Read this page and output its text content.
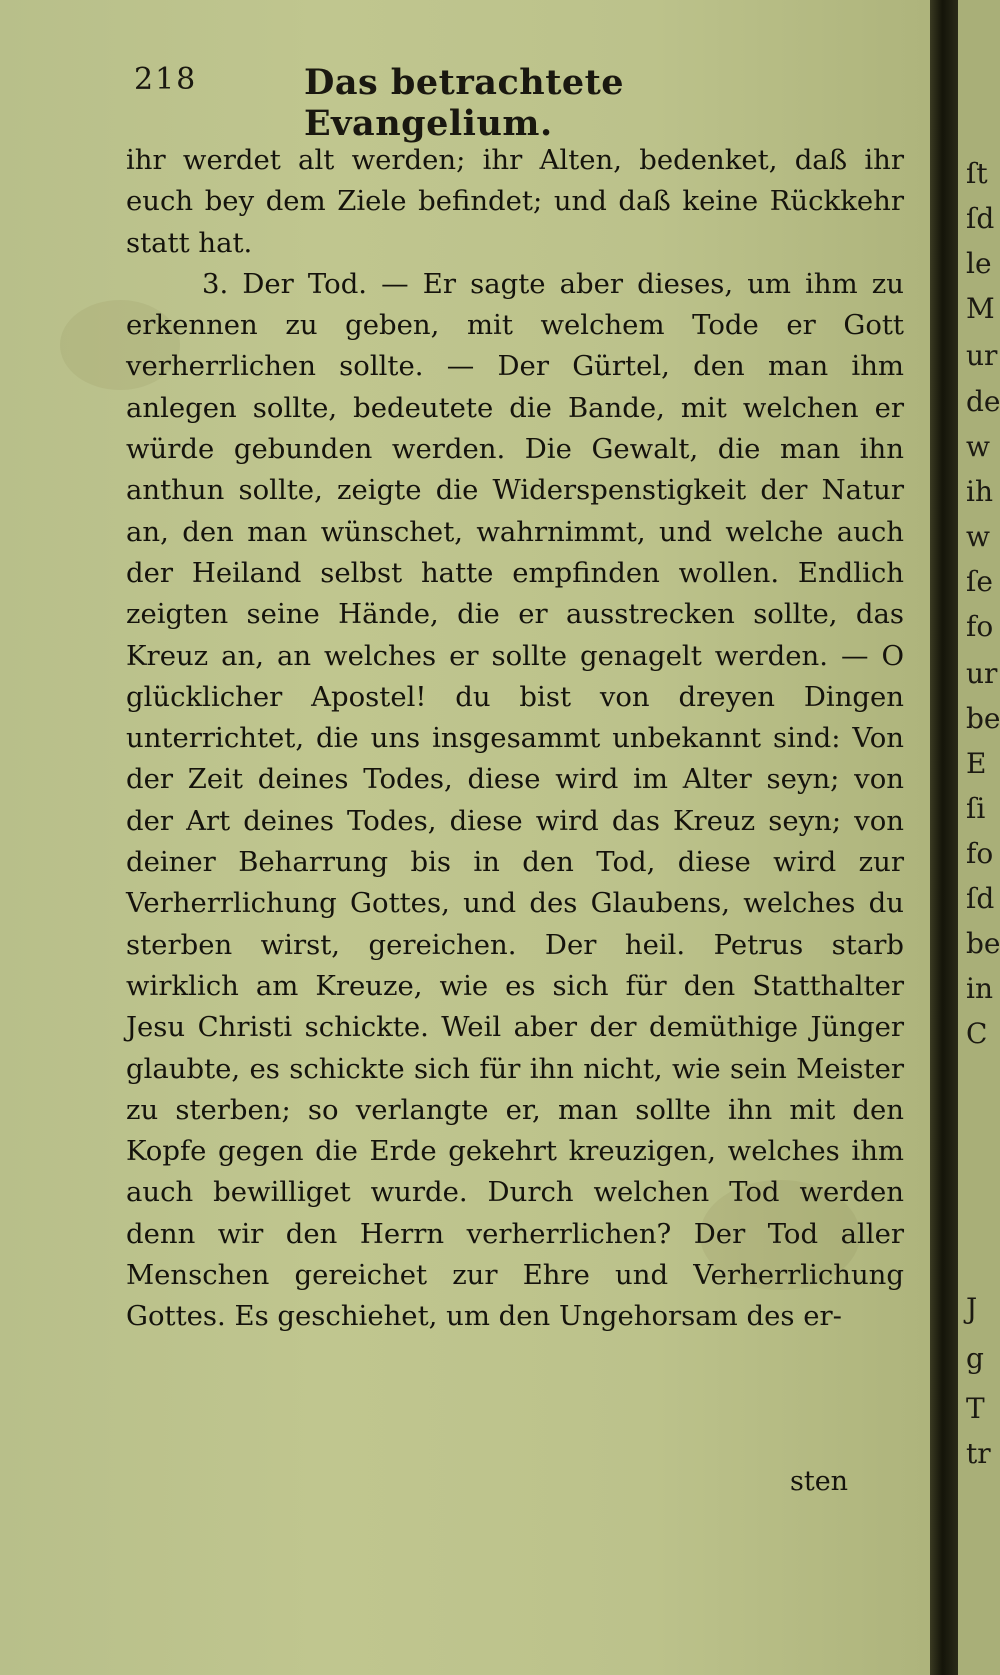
218	Das betrachtete Evangelium.

ihr werdet alt werden; ihr Alten, bedenket, daß ihr euch bey dem Ziele befindet; und daß keine Rückkehr statt hat.

3. Der Tod. — Er sagte aber dieses, um ihm zu erkennen zu geben, mit welchem Tode er Gott verherrlichen sollte. — Der Gürtel, den man ihm anlegen sollte, bedeutete die Bande, mit welchen er würde gebunden werden. Die Gewalt, die man ihn anthun sollte, zeigte die Widerspenstigkeit der Natur an, den man wünschet, wahrnimmt, und welche auch der Heiland selbst hatte empfinden wollen. Endlich zeigten seine Hände, die er ausstrecken sollte, das Kreuz an, an welches er sollte genagelt werden. — O glücklicher Apostel! du bist von dreyen Dingen unterrichtet, die uns insgesammt unbekannt sind: Von der Zeit deines Todes, diese wird im Alter seyn; von der Art deines Todes, diese wird das Kreuz seyn; von deiner Beharrung bis in den Tod, diese wird zur Verherrlichung Gottes, und des Glaubens, welches du sterben wirst, gereichen. Der heil. Petrus starb wirklich am Kreuze, wie es sich für den Statthalter Jesu Christi schickte. Weil aber der demüthige Jünger glaubte, es schickte sich für ihn nicht, wie sein Meister zu sterben; so verlangte er, man sollte ihn mit den Kopfe gegen die Erde gekehrt kreuzigen, welches ihm auch bewilliget wurde. Durch welchen Tod werden denn wir den Herrn verherrlichen? Der Tod aller Menschen gereichet zur Ehre und Verherrlichung Gottes. Es geschiehet, um den Ungehorsam des er-

sten
ſt
ſd
le
M
ur
de
w
ih
w
ſe
fo
ur
be
E
ſi
fo
ſd
be
in
C
J
g
T
tr
